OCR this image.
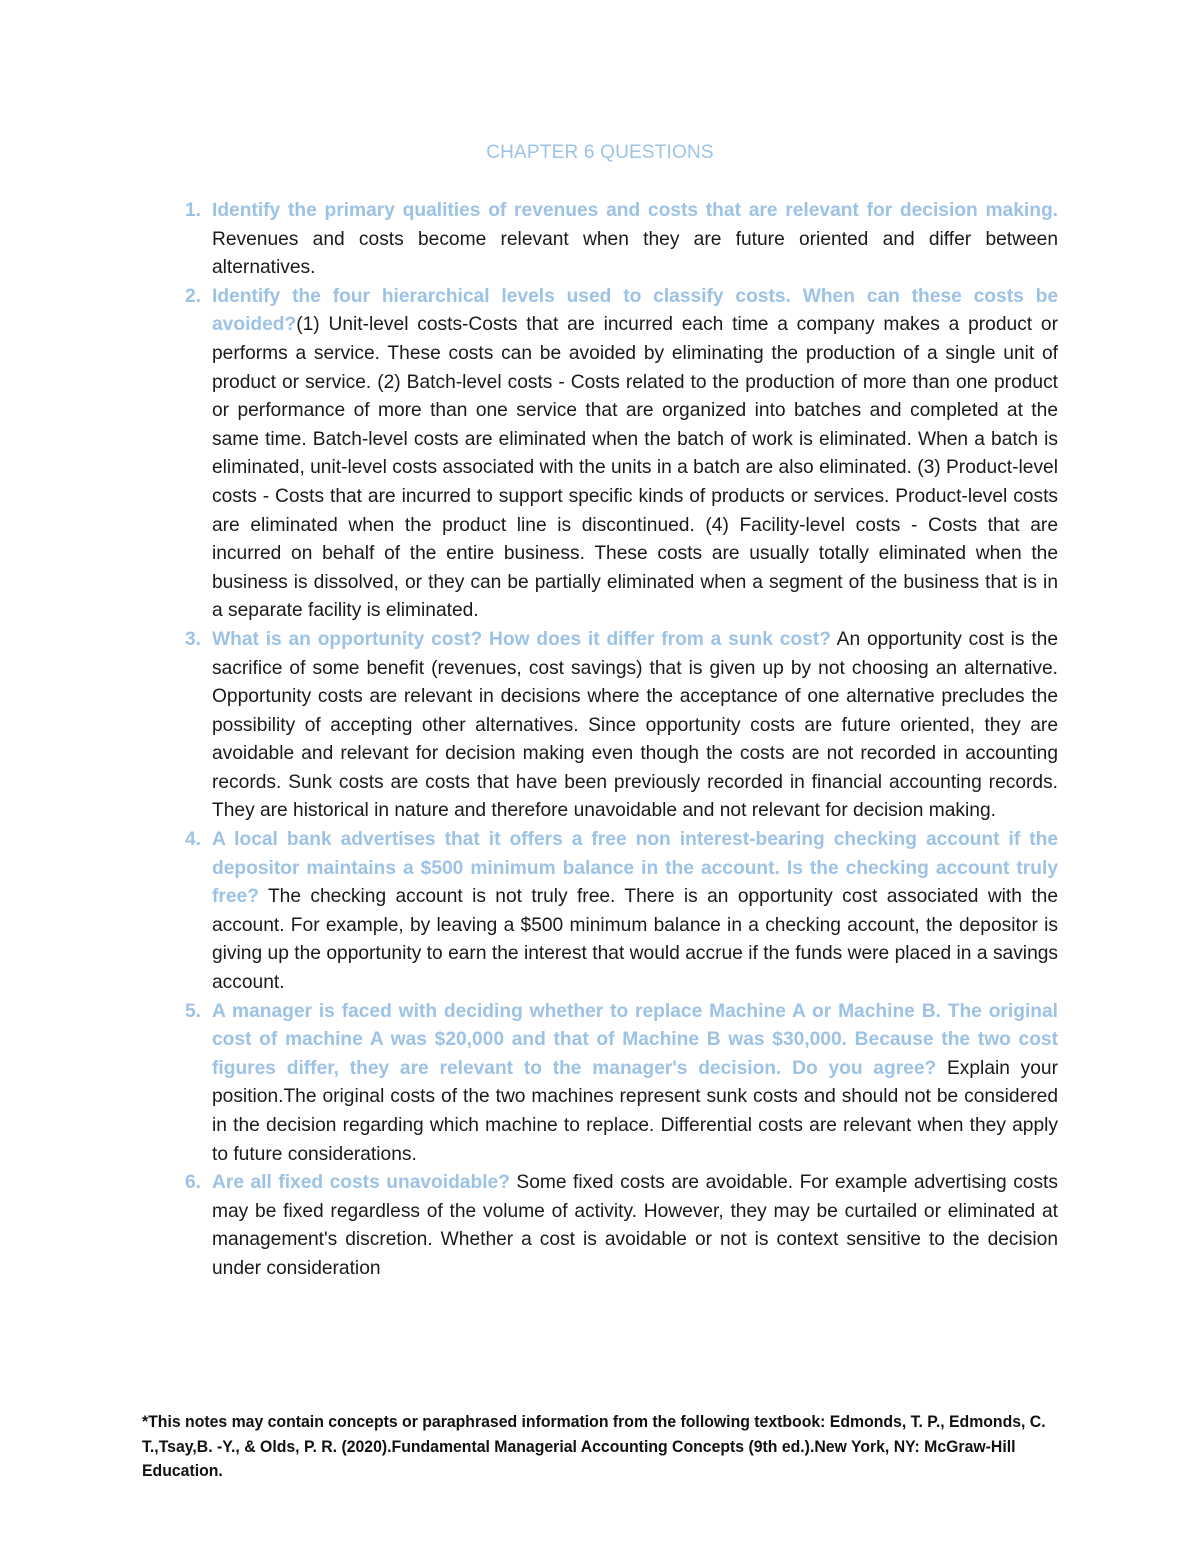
CHAPTER 6 QUESTIONS
1. Identify the primary qualities of revenues and costs that are relevant for decision making. Revenues and costs become relevant when they are future oriented and differ between alternatives.
2. Identify the four hierarchical levels used to classify costs. When can these costs be avoided?(1) Unit-level costs-Costs that are incurred each time a company makes a product or performs a service. These costs can be avoided by eliminating the production of a single unit of product or service. (2) Batch-level costs - Costs related to the production of more than one product or performance of more than one service that are organized into batches and completed at the same time. Batch-level costs are eliminated when the batch of work is eliminated. When a batch is eliminated, unit-level costs associated with the units in a batch are also eliminated. (3) Product-level costs - Costs that are incurred to support specific kinds of products or services. Product-level costs are eliminated when the product line is discontinued. (4) Facility-level costs - Costs that are incurred on behalf of the entire business. These costs are usually totally eliminated when the business is dissolved, or they can be partially eliminated when a segment of the business that is in a separate facility is eliminated.
3. What is an opportunity cost? How does it differ from a sunk cost? An opportunity cost is the sacrifice of some benefit (revenues, cost savings) that is given up by not choosing an alternative. Opportunity costs are relevant in decisions where the acceptance of one alternative precludes the possibility of accepting other alternatives. Since opportunity costs are future oriented, they are avoidable and relevant for decision making even though the costs are not recorded in accounting records. Sunk costs are costs that have been previously recorded in financial accounting records. They are historical in nature and therefore unavoidable and not relevant for decision making.
4. A local bank advertises that it offers a free non interest-bearing checking account if the depositor maintains a $500 minimum balance in the account. Is the checking account truly free? The checking account is not truly free. There is an opportunity cost associated with the account. For example, by leaving a $500 minimum balance in a checking account, the depositor is giving up the opportunity to earn the interest that would accrue if the funds were placed in a savings account.
5. A manager is faced with deciding whether to replace Machine A or Machine B. The original cost of machine A was $20,000 and that of Machine B was $30,000. Because the two cost figures differ, they are relevant to the manager's decision. Do you agree? Explain your position.The original costs of the two machines represent sunk costs and should not be considered in the decision regarding which machine to replace. Differential costs are relevant when they apply to future considerations.
6. Are all fixed costs unavoidable? Some fixed costs are avoidable. For example advertising costs may be fixed regardless of the volume of activity. However, they may be curtailed or eliminated at management's discretion. Whether a cost is avoidable or not is context sensitive to the decision under consideration
*This notes may contain concepts or paraphrased information from the following textbook: Edmonds, T. P., Edmonds, C. T.,Tsay,B. -Y., & Olds, P. R. (2020).Fundamental Managerial Accounting Concepts (9th ed.).New York, NY: McGraw-Hill Education.
